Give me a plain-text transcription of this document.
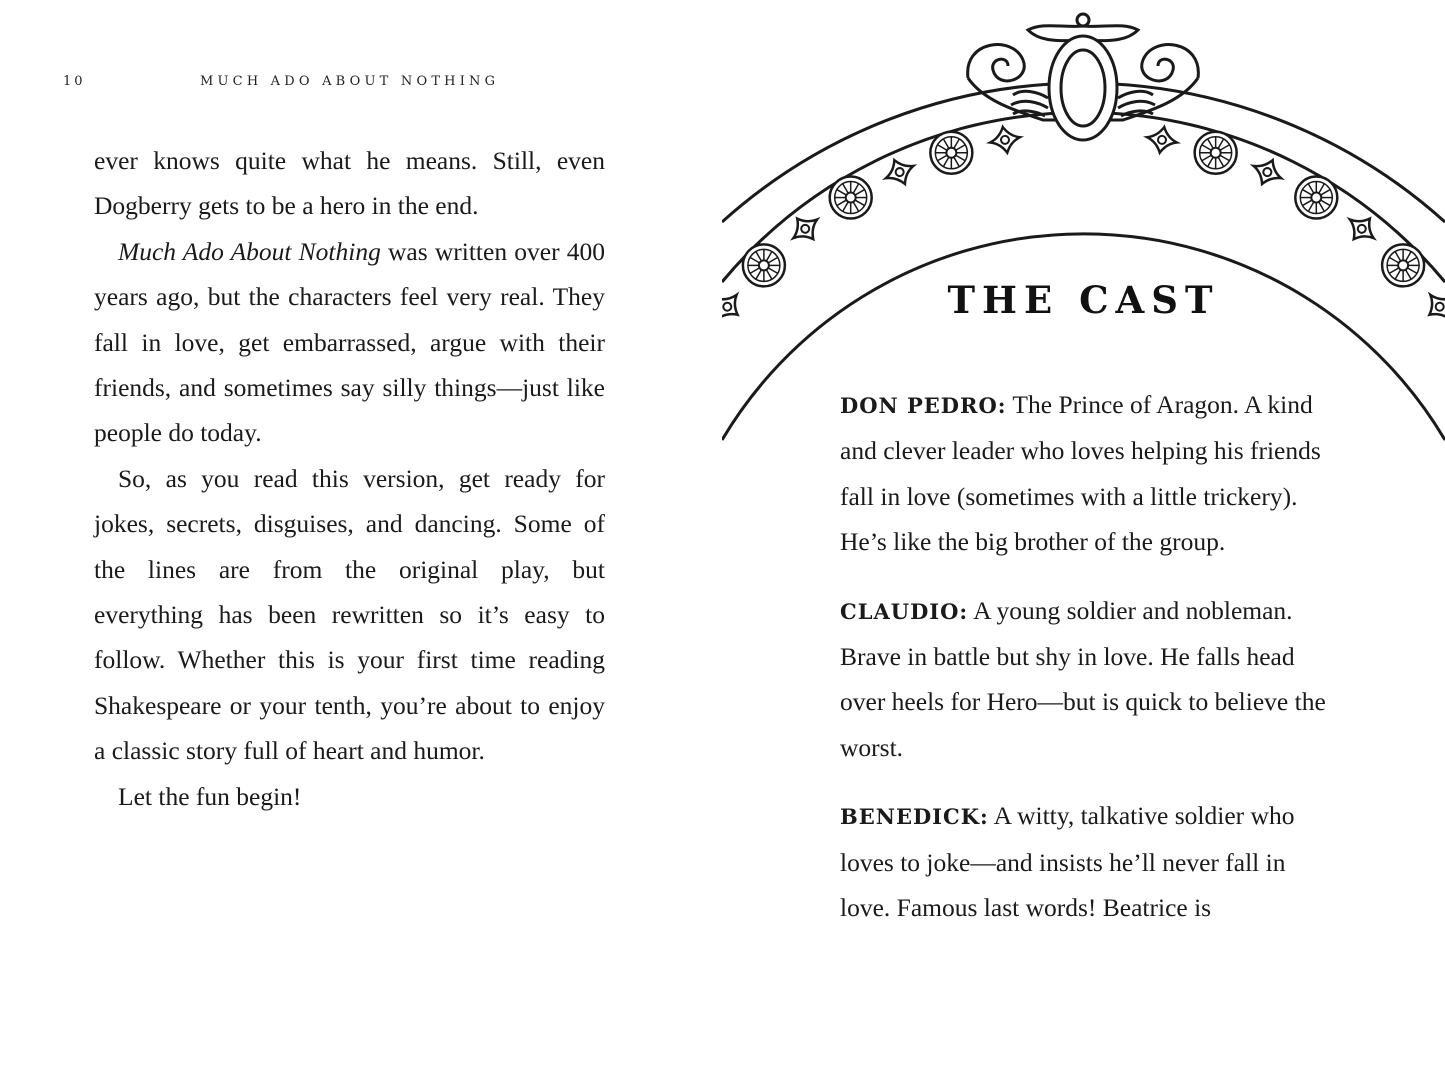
10	MUCH ADO ABOUT NOTHING

ever knows quite what he means. Still, even Dogberry gets to be a hero in the end.

Much Ado About Nothing was written over 400 years ago, but the characters feel very real. They fall in love, get embarrassed, argue with their friends, and sometimes say silly things—just like people do today.

So, as you read this version, get ready for jokes, secrets, disguises, and dancing. Some of the lines are from the original play, but everything has been rewritten so it’s easy to follow. Whether this is your first time reading Shakespeare or your tenth, you’re about to enjoy a classic story full of heart and humor.

Let the fun begin!

THE CAST

DON PEDRO: The Prince of Aragon. A kind and clever leader who loves helping his friends fall in love (sometimes with a little trickery). He’s like the big brother of the group.

CLAUDIO: A young soldier and nobleman. Brave in battle but shy in love. He falls head over heels for Hero—but is quick to believe the worst.

BENEDICK: A witty, talkative soldier who loves to joke—and insists he’ll never fall in love. Famous last words! Beatrice is
